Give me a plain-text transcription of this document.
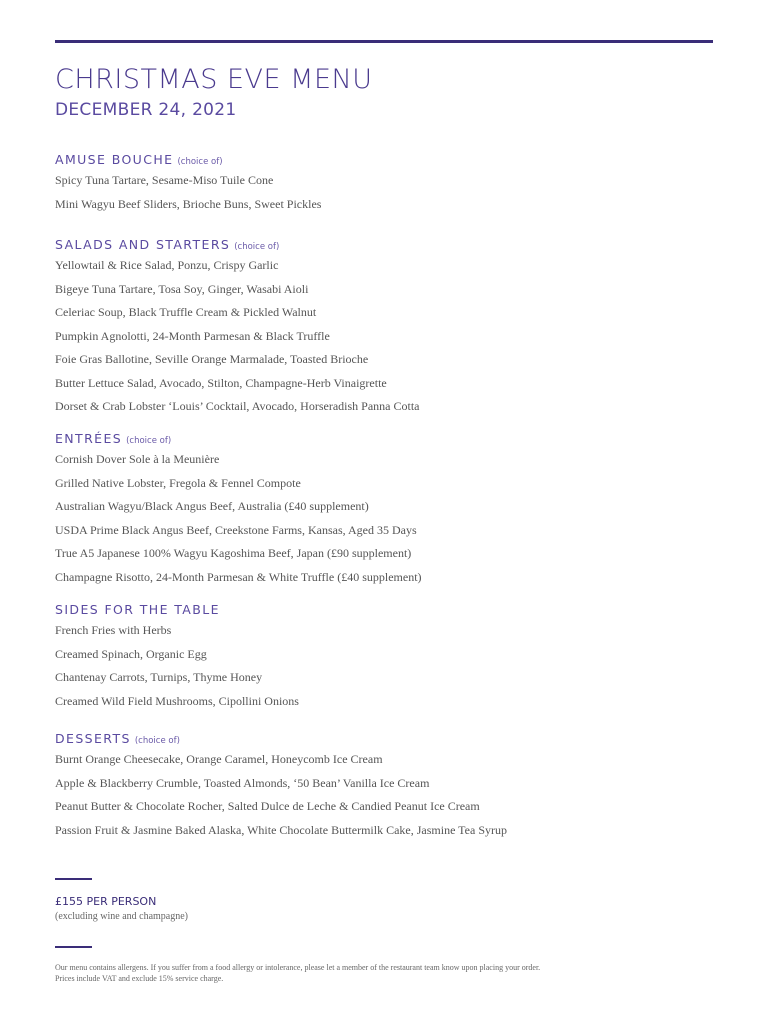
CHRISTMAS EVE MENU
DECEMBER 24, 2021
AMUSE BOUCHE (choice of)
Spicy Tuna Tartare, Sesame-Miso Tuile Cone
Mini Wagyu Beef Sliders, Brioche Buns, Sweet Pickles
SALADS AND STARTERS (choice of)
Yellowtail & Rice Salad, Ponzu, Crispy Garlic
Bigeye Tuna Tartare, Tosa Soy, Ginger, Wasabi Aioli
Celeriac Soup, Black Truffle Cream & Pickled Walnut
Pumpkin Agnolotti, 24-Month Parmesan & Black Truffle
Foie Gras Ballotine, Seville Orange Marmalade, Toasted Brioche
Butter Lettuce Salad, Avocado, Stilton, Champagne-Herb Vinaigrette
Dorset & Crab Lobster ‘Louis’ Cocktail, Avocado, Horseradish Panna Cotta
ENTRÉES (choice of)
Cornish Dover Sole à la Meunière
Grilled Native Lobster, Fregola & Fennel Compote
Australian Wagyu/Black Angus Beef, Australia (£40 supplement)
USDA Prime Black Angus Beef, Creekstone Farms, Kansas, Aged 35 Days
True A5 Japanese 100% Wagyu Kagoshima Beef, Japan (£90 supplement)
Champagne Risotto, 24-Month Parmesan & White Truffle (£40 supplement)
SIDES FOR THE TABLE
French Fries with Herbs
Creamed Spinach, Organic Egg
Chantenay Carrots, Turnips, Thyme Honey
Creamed Wild Field Mushrooms, Cipollini Onions
DESSERTS (choice of)
Burnt Orange Cheesecake, Orange Caramel, Honeycomb Ice Cream
Apple & Blackberry Crumble, Toasted Almonds, ‘50 Bean’ Vanilla Ice Cream
Peanut Butter & Chocolate Rocher, Salted Dulce de Leche & Candied Peanut Ice Cream
Passion Fruit & Jasmine Baked Alaska, White Chocolate Buttermilk Cake, Jasmine Tea Syrup
£155 PER PERSON
(excluding wine and champagne)
Our menu contains allergens. If you suffer from a food allergy or intolerance, please let a member of the restaurant team know upon placing your order.
Prices include VAT and exclude 15% service charge.
